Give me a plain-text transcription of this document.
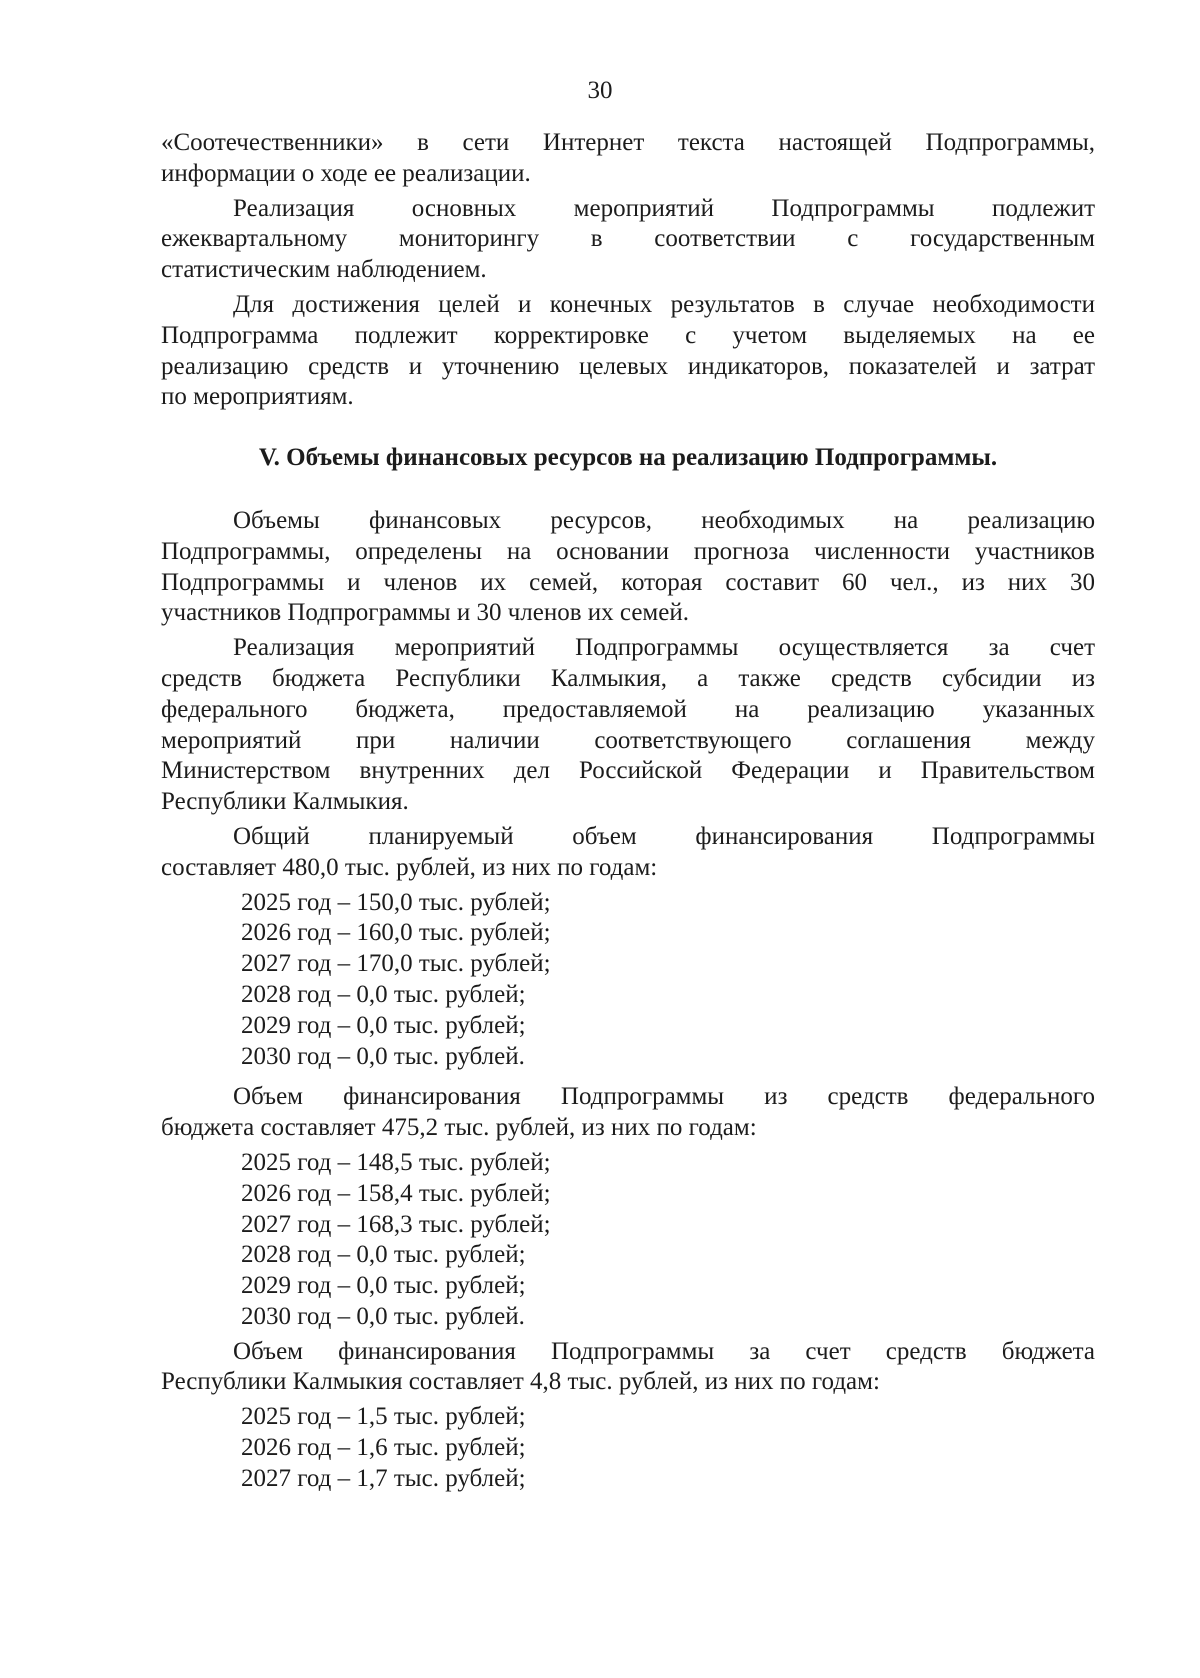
30
«Соотечественники» в сети Интернет текста настоящей Подпрограммы,
информации о ходе ее реализации.
Реализация основных мероприятий Подпрограммы подлежит
ежеквартальному мониторингу в соответствии с государственным
статистическим наблюдением.
Для достижения целей и конечных результатов в случае необходимости
Подпрограмма подлежит корректировке с учетом выделяемых на ее
реализацию средств и уточнению целевых индикаторов, показателей и затрат
по мероприятиям.
V. Объемы финансовых ресурсов на реализацию Подпрограммы.
Объемы финансовых ресурсов, необходимых на реализацию
Подпрограммы, определены на основании прогноза численности участников
Подпрограммы и членов их семей, которая составит 60 чел., из них 30
участников Подпрограммы и 30 членов их семей.
Реализация мероприятий Подпрограммы осуществляется за счет
средств бюджета Республики Калмыкия, а также средств субсидии из
федерального бюджета, предоставляемой на реализацию указанных
мероприятий при наличии соответствующего соглашения между
Министерством внутренних дел Российской Федерации и Правительством
Республики Калмыкия.
Общий планируемый объем финансирования Подпрограммы
составляет 480,0 тыс. рублей, из них по годам:
2025 год – 150,0 тыс. рублей;
2026 год – 160,0 тыс. рублей;
2027 год – 170,0 тыс. рублей;
2028 год – 0,0 тыс. рублей;
2029 год – 0,0 тыс. рублей;
2030 год – 0,0 тыс. рублей.
Объем финансирования Подпрограммы из средств федерального
бюджета составляет 475,2 тыс. рублей, из них по годам:
2025 год – 148,5 тыс. рублей;
2026 год – 158,4 тыс. рублей;
2027 год – 168,3 тыс. рублей;
2028 год – 0,0 тыс. рублей;
2029 год – 0,0 тыс. рублей;
2030 год – 0,0 тыс. рублей.
Объем финансирования Подпрограммы за счет средств бюджета
Республики Калмыкия составляет 4,8 тыс. рублей, из них по годам:
2025 год – 1,5 тыс. рублей;
2026 год – 1,6 тыс. рублей;
2027 год – 1,7 тыс. рублей;
